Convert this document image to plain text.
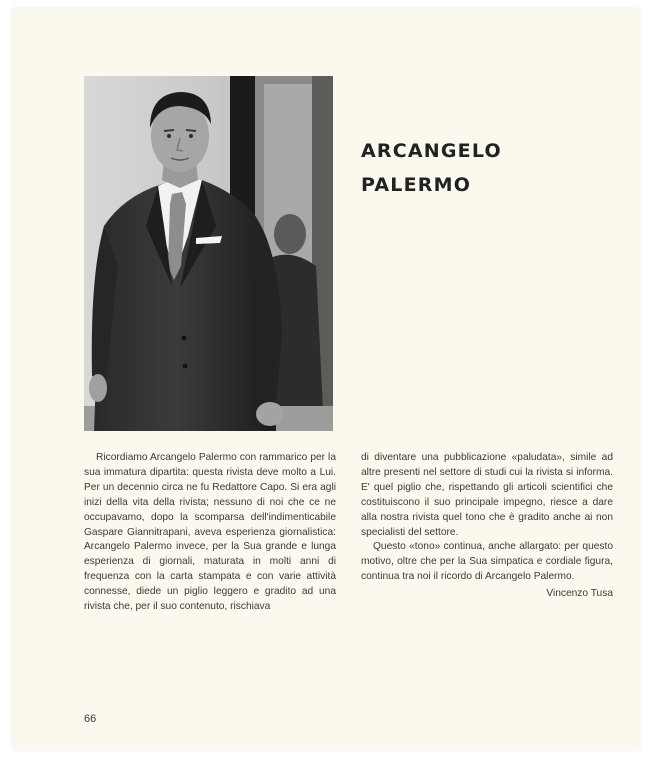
ARCANGELO
PALERMO

Ricordiamo Arcangelo Palermo con rammarico per la sua immatura dipartita: questa rivista deve molto a Lui. Per un decennio circa ne fu Redattore Capo. Si era agli inizi della vita della rivista; nessuno di noi che ce ne occupavamo, dopo la scomparsa dell'indimenticabile Gaspare Giannitrapani, aveva esperienza giornalistica: Arcangelo Palermo invece, per la Sua grande e lunga esperienza di giornali, maturata in molti anni di frequenza con la carta stampata e con varie attività connesse, diede un piglio leggero e gradito ad una rivista che, per il suo contenuto, rischiava

di diventare una pubblicazione «paludata», simile ad altre presenti nel settore di studi cui la rivista si informa. E' quel piglio che, rispettando gli articoli scientifici che costituiscono il suo principale impegno, riesce a dare alla nostra rivista quel tono che è gradito anche ai non specialisti del settore.

Questo «tono» continua, anche allargato: per questo motivo, oltre che per la Sua simpatica e cordiale figura, continua tra noi il ricordo di Arcangelo Palermo.

Vincenzo Tusa
66
